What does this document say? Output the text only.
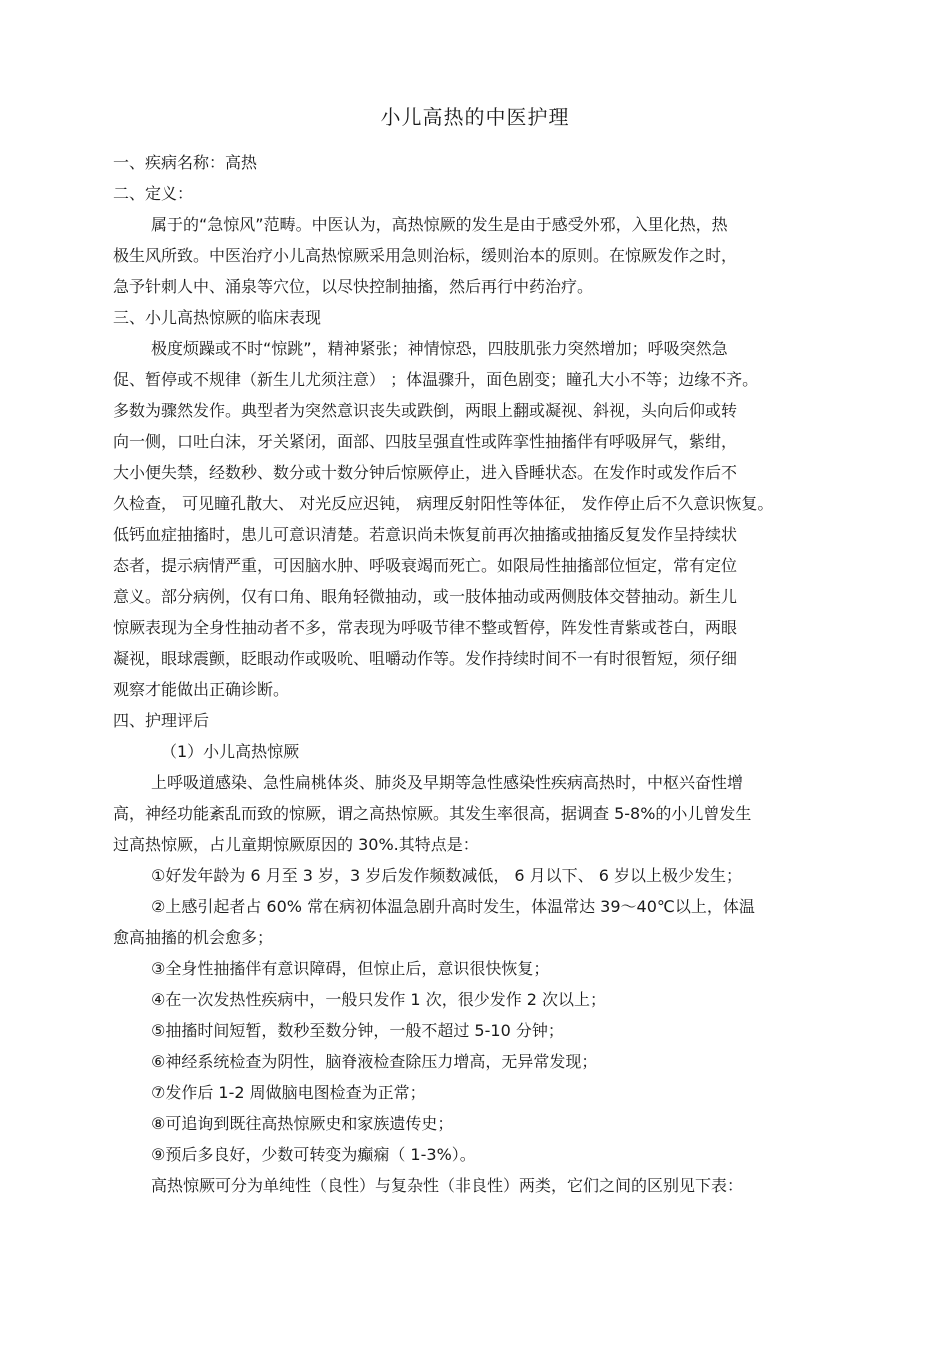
小儿高热的中医护理

一、疾病名称：高热

二、定义：

属于的“急惊风”范畴。中医认为，高热惊厥的发生是由于感受外邪，入里化热，热

极生风所致。中医治疗小儿高热惊厥采用急则治标，缓则治本的原则。在惊厥发作之时，

急予针刺人中、涌泉等穴位，以尽快控制抽搐，然后再行中药治疗。

三、小儿高热惊厥的临床表现

极度烦躁或不时“惊跳”，精神紧张；神情惊恐，四肢肌张力突然增加；呼吸突然急

促、暂停或不规律（新生儿尤须注意） ；体温骤升，面色剧变；瞳孔大小不等；边缘不齐。

多数为骤然发作。典型者为突然意识丧失或跌倒，两眼上翻或凝视、斜视，头向后仰或转

向一侧，口吐白沫，牙关紧闭，面部、四肢呈强直性或阵挛性抽搐伴有呼吸屏气，紫绀，

大小便失禁，经数秒、数分或十数分钟后惊厥停止，进入昏睡状态。在发作时或发作后不

久检查， 可见瞳孔散大、 对光反应迟钝， 病理反射阳性等体征， 发作停止后不久意识恢复。

低钙血症抽搐时，患儿可意识清楚。若意识尚未恢复前再次抽搐或抽搐反复发作呈持续状

态者，提示病情严重，可因脑水肿、呼吸衰竭而死亡。如限局性抽搐部位恒定，常有定位

意义。部分病例，仅有口角、眼角轻微抽动，或一肢体抽动或两侧肢体交替抽动。新生儿

惊厥表现为全身性抽动者不多，常表现为呼吸节律不整或暂停，阵发性青紫或苍白，两眼

凝视，眼球震颤，眨眼动作或吸吮、咀嚼动作等。发作持续时间不一有时很暂短，须仔细

观察才能做出正确诊断。

四、护理评后

（1）小儿高热惊厥

上呼吸道感染、急性扁桃体炎、肺炎及早期等急性感染性疾病高热时，中枢兴奋性增

高，神经功能紊乱而致的惊厥，谓之高热惊厥。其发生率很高，据调查 5-8%的小儿曾发生

过高热惊厥，占儿童期惊厥原因的 30%.其特点是：

①好发年龄为 6 月至 3 岁，3 岁后发作频数减低， 6 月以下、 6 岁以上极少发生；

②上感引起者占 60% 常在病初体温急剧升高时发生，体温常达 39～40℃以上，体温

愈高抽搐的机会愈多；

③全身性抽搐伴有意识障碍，但惊止后，意识很快恢复；

④在一次发热性疾病中，一般只发作 1 次，很少发作 2 次以上；

⑤抽搐时间短暂，数秒至数分钟，一般不超过 5-10 分钟；

⑥神经系统检查为阴性，脑脊液检查除压力增高，无异常发现；

⑦发作后 1-2 周做脑电图检查为正常；

⑧可追询到既往高热惊厥史和家族遗传史；

⑨预后多良好，少数可转变为癫痫（ 1-3%）。

高热惊厥可分为单纯性（良性）与复杂性（非良性）两类，它们之间的区别见下表：
